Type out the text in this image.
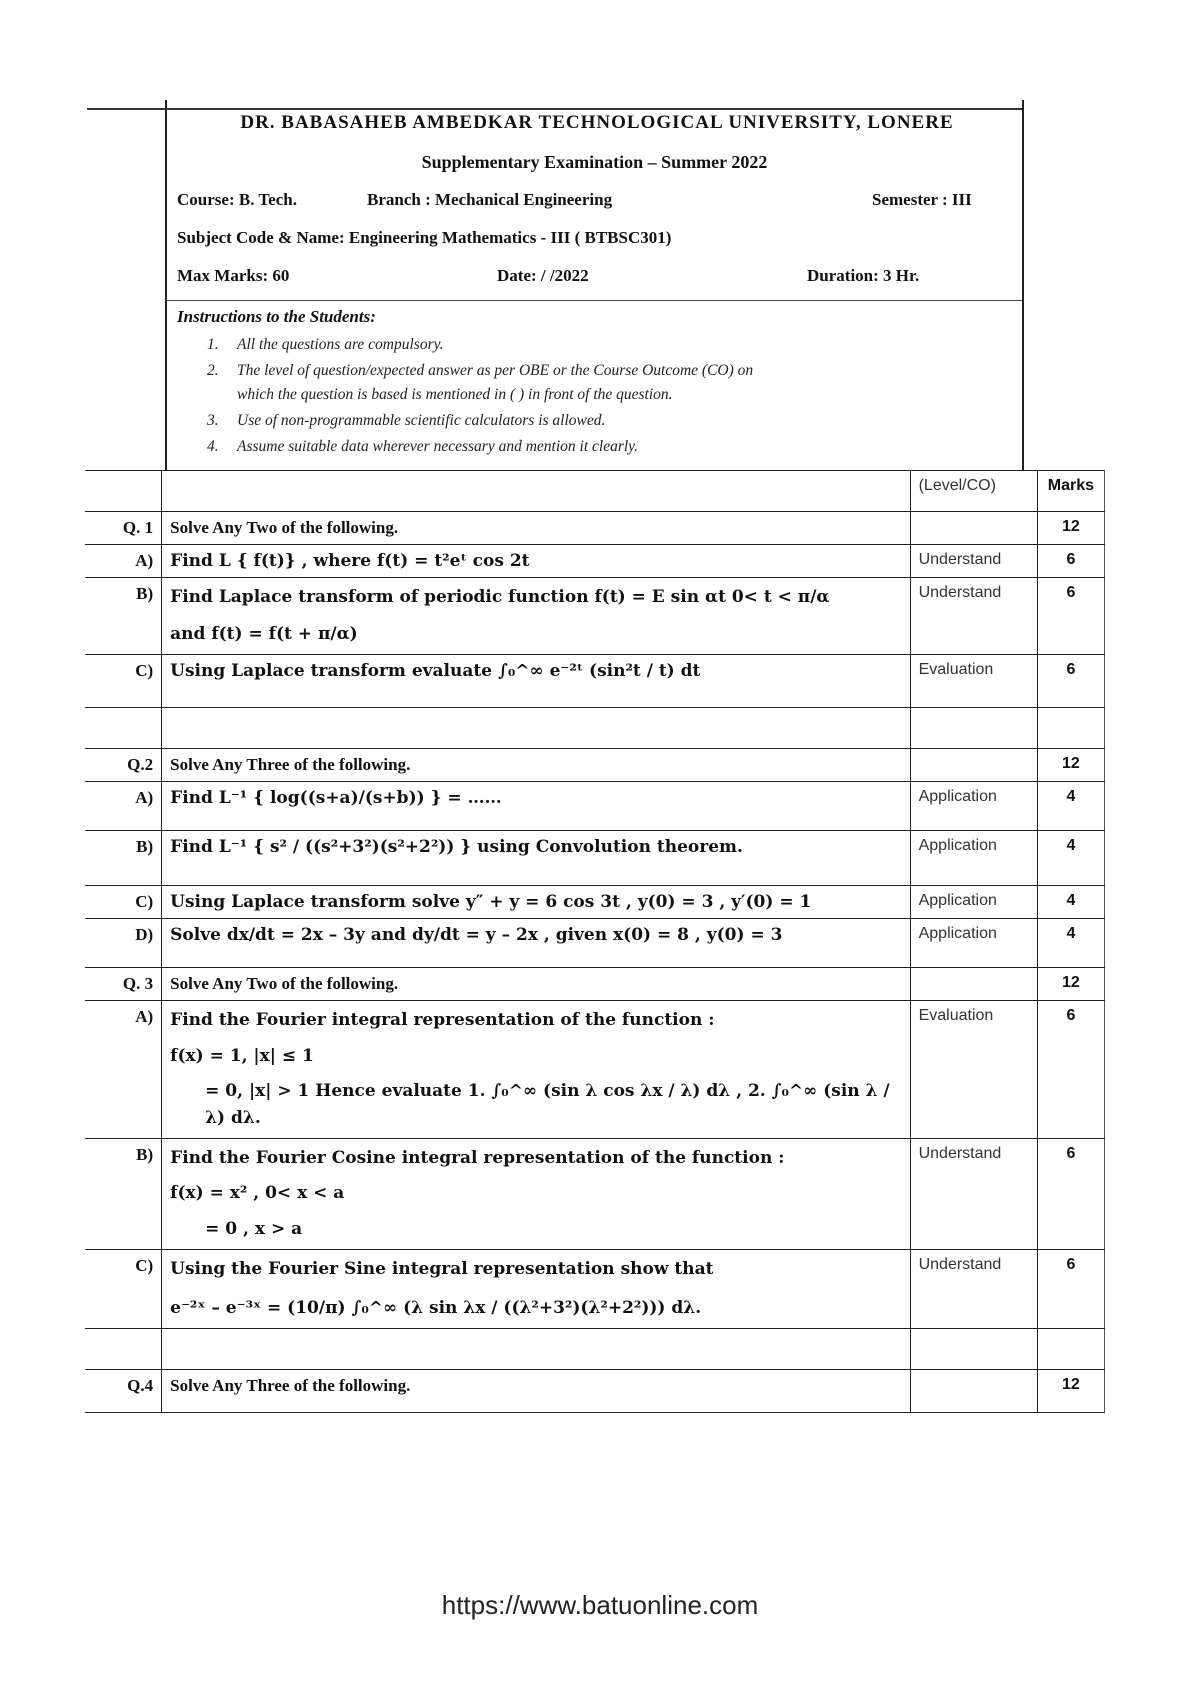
DR. BABASAHEB AMBEDKAR TECHNOLOGICAL UNIVERSITY, LONERE
Supplementary Examination – Summer 2022
Course: B. Tech.	Branch : Mechanical Engineering	Semester : III
Subject Code & Name: Engineering Mathematics - III ( BTBSC301)
Max Marks: 60	Date: / /2022	Duration: 3 Hr.
Instructions to the Students:
1. All the questions are compulsory.
2. The level of question/expected answer as per OBE or the Course Outcome (CO) on
which the question is based is mentioned in ( ) in front of the question.
3. Use of non-programmable scientific calculators is allowed.
4. Assume suitable data wherever necessary and mention it clearly.
		(Level/CO)	Marks
Q. 1	Solve Any Two of the following.		12
A)	Find L { f(t)} , where f(t) = t²eᵗ cos 2t	Understand	6
B)	Find Laplace transform of periodic function f(t) = E sin αt 0< t < π/α
and f(t) = f(t + π/α)	Understand	6
C)	Using Laplace transform evaluate ∫₀^∞ e⁻²ᵗ (sin²t / t) dt	Evaluation	6

Q.2	Solve Any Three of the following.		12
A)	Find L⁻¹ { log((s+a)/(s+b)) } = ……	Application	4
B)	Find L⁻¹ { s² / ((s²+3²)(s²+2²)) } using Convolution theorem.	Application	4
C)	Using Laplace transform solve y″ + y = 6 cos 3t , y(0) = 3 , y′(0) = 1	Application	4
D)	Solve dx/dt = 2x – 3y and dy/dt = y – 2x , given x(0) = 8 , y(0) = 3	Application	4
Q. 3	Solve Any Two of the following.		12
A)	Find the Fourier integral representation of the function :
f(x) = 1, |x| ≤ 1
= 0, |x| > 1 Hence evaluate 1. ∫₀^∞ (sin λ cos λx / λ) dλ , 2. ∫₀^∞ (sin λ / λ) dλ.	Evaluation	6
B)	Find the Fourier Cosine integral representation of the function :
f(x) = x² , 0< x < a
= 0 , x > a	Understand	6
C)	Using the Fourier Sine integral representation show that
e⁻²ˣ – e⁻³ˣ = (10/π) ∫₀^∞ (λ sin λx / ((λ²+3²)(λ²+2²))) dλ.	Understand	6

Q.4	Solve Any Three of the following.		12
https://www.batuonline.com
